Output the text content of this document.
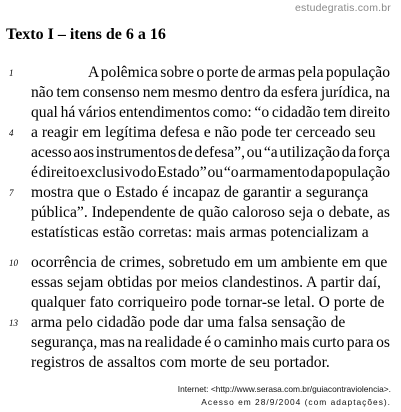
estudegratis.com.br
Texto I – itens de 6 a 16
1
4
7
10
13
A polêmica sobre o porte de armas pela população
não tem consenso nem mesmo dentro da esfera jurídica, na
qual há vários entendimentos como: “o cidadão tem direito
a reagir em legítima defesa e não pode ter cerceado seu
acesso aos instrumentos de defesa”, ou “a utilização da força
é direito exclusivo do Estado” ou “o armamento da população
mostra que o Estado é incapaz de garantir a segurança
pública”. Independente de quão caloroso seja o debate, as
estatísticas estão corretas: mais armas potencializam a
ocorrência de crimes, sobretudo em um ambiente em que
essas sejam obtidas por meios clandestinos. A partir daí,
qualquer fato corriqueiro pode tornar-se letal. O porte de
arma pelo cidadão pode dar uma falsa sensação de
segurança, mas na realidade é o caminho mais curto para os
registros de assaltos com morte de seu portador.
Internet: <http://www.serasa.com.br/guiacontraviolencia>.
Acesso em 28/9/2004 (com adaptações).
